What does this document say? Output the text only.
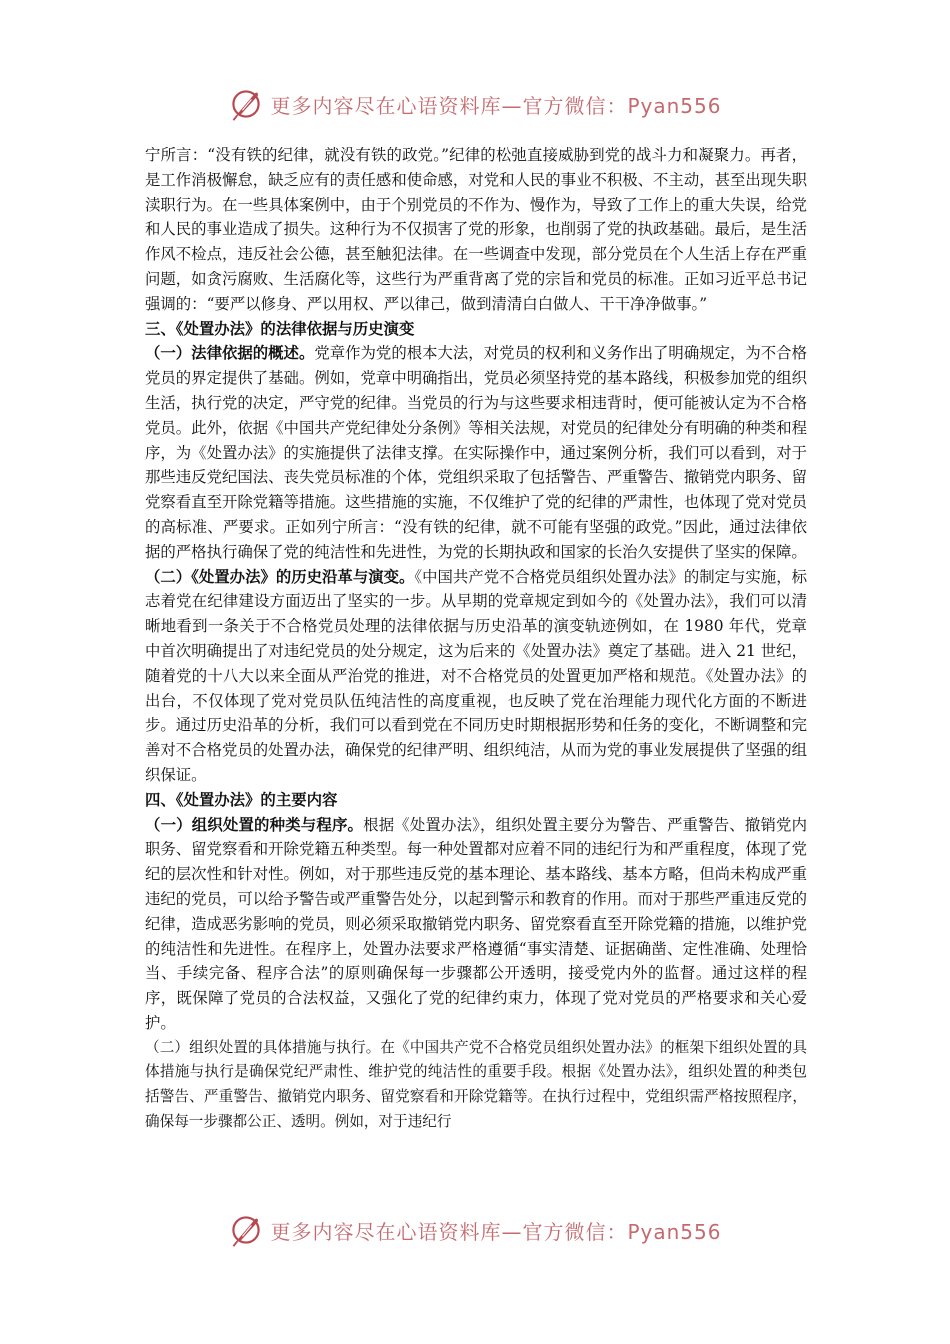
更多内容尽在心语资料库—官方微信：Pyan556

宁所言：“没有铁的纪律，就没有铁的政党。”纪律的松弛直接威胁到党的战斗力和凝聚力。再者，是工作消极懈怠，缺乏应有的责任感和使命感，对党和人民的事业不积极、不主动，甚至出现失职渎职行为。在一些具体案例中，由于个别党员的不作为、慢作为，导致了工作上的重大失误，给党和人民的事业造成了损失。这种行为不仅损害了党的形象，也削弱了党的执政基础。最后，是生活作风不检点，违反社会公德，甚至触犯法律。在一些调查中发现，部分党员在个人生活上存在严重问题，如贪污腐败、生活腐化等，这些行为严重背离了党的宗旨和党员的标准。正如习近平总书记强调的：“要严以修身、严以用权、严以律己，做到清清白白做人、干干净净做事。”

三、《处置办法》的法律依据与历史演变

（一）法律依据的概述。党章作为党的根本大法，对党员的权利和义务作出了明确规定，为不合格党员的界定提供了基础。例如，党章中明确指出，党员必须坚持党的基本路线，积极参加党的组织生活，执行党的决定，严守党的纪律。当党员的行为与这些要求相违背时，便可能被认定为不合格党员。此外，依据《中国共产党纪律处分条例》等相关法规，对党员的纪律处分有明确的种类和程序，为《处置办法》的实施提供了法律支撑。在实际操作中，通过案例分析，我们可以看到，对于那些违反党纪国法、丧失党员标准的个体，党组织采取了包括警告、严重警告、撤销党内职务、留党察看直至开除党籍等措施。这些措施的实施，不仅维护了党的纪律的严肃性，也体现了党对党员的高标准、严要求。正如列宁所言：“没有铁的纪律，就不可能有坚强的政党。”因此，通过法律依据的严格执行确保了党的纯洁性和先进性，为党的长期执政和国家的长治久安提供了坚实的保障。

（二）《处置办法》的历史沿革与演变。《中国共产党不合格党员组织处置办法》的制定与实施，标志着党在纪律建设方面迈出了坚实的一步。从早期的党章规定到如今的《处置办法》，我们可以清晰地看到一条关于不合格党员处理的法律依据与历史沿革的演变轨迹例如，在 1980 年代，党章中首次明确提出了对违纪党员的处分规定，这为后来的《处置办法》奠定了基础。进入 21 世纪，随着党的十八大以来全面从严治党的推进，对不合格党员的处置更加严格和规范。《处置办法》的出台，不仅体现了党对党员队伍纯洁性的高度重视，也反映了党在治理能力现代化方面的不断进步。通过历史沿革的分析，我们可以看到党在不同历史时期根据形势和任务的变化，不断调整和完善对不合格党员的处置办法，确保党的纪律严明、组织纯洁，从而为党的事业发展提供了坚强的组织保证。

四、《处置办法》的主要内容

（一）组织处置的种类与程序。根据《处置办法》，组织处置主要分为警告、严重警告、撤销党内职务、留党察看和开除党籍五种类型。每一种处置都对应着不同的违纪行为和严重程度，体现了党纪的层次性和针对性。例如，对于那些违反党的基本理论、基本路线、基本方略，但尚未构成严重违纪的党员，可以给予警告或严重警告处分，以起到警示和教育的作用。而对于那些严重违反党的纪律，造成恶劣影响的党员，则必须采取撤销党内职务、留党察看直至开除党籍的措施，以维护党的纯洁性和先进性。在程序上，处置办法要求严格遵循“事实清楚、证据确凿、定性准确、处理恰当、手续完备、程序合法”的原则确保每一步骤都公开透明，接受党内外的监督。通过这样的程序，既保障了党员的合法权益，又强化了党的纪律约束力，体现了党对党员的严格要求和关心爱护。

（二）组织处置的具体措施与执行。在《中国共产党不合格党员组织处置办法》的框架下组织处置的具体措施与执行是确保党纪严肃性、维护党的纯洁性的重要手段。根据《处置办法》，组织处置的种类包括警告、严重警告、撤销党内职务、留党察看和开除党籍等。在执行过程中，党组织需严格按照程序，确保每一步骤都公正、透明。例如，对于违纪行

更多内容尽在心语资料库—官方微信：Pyan556
